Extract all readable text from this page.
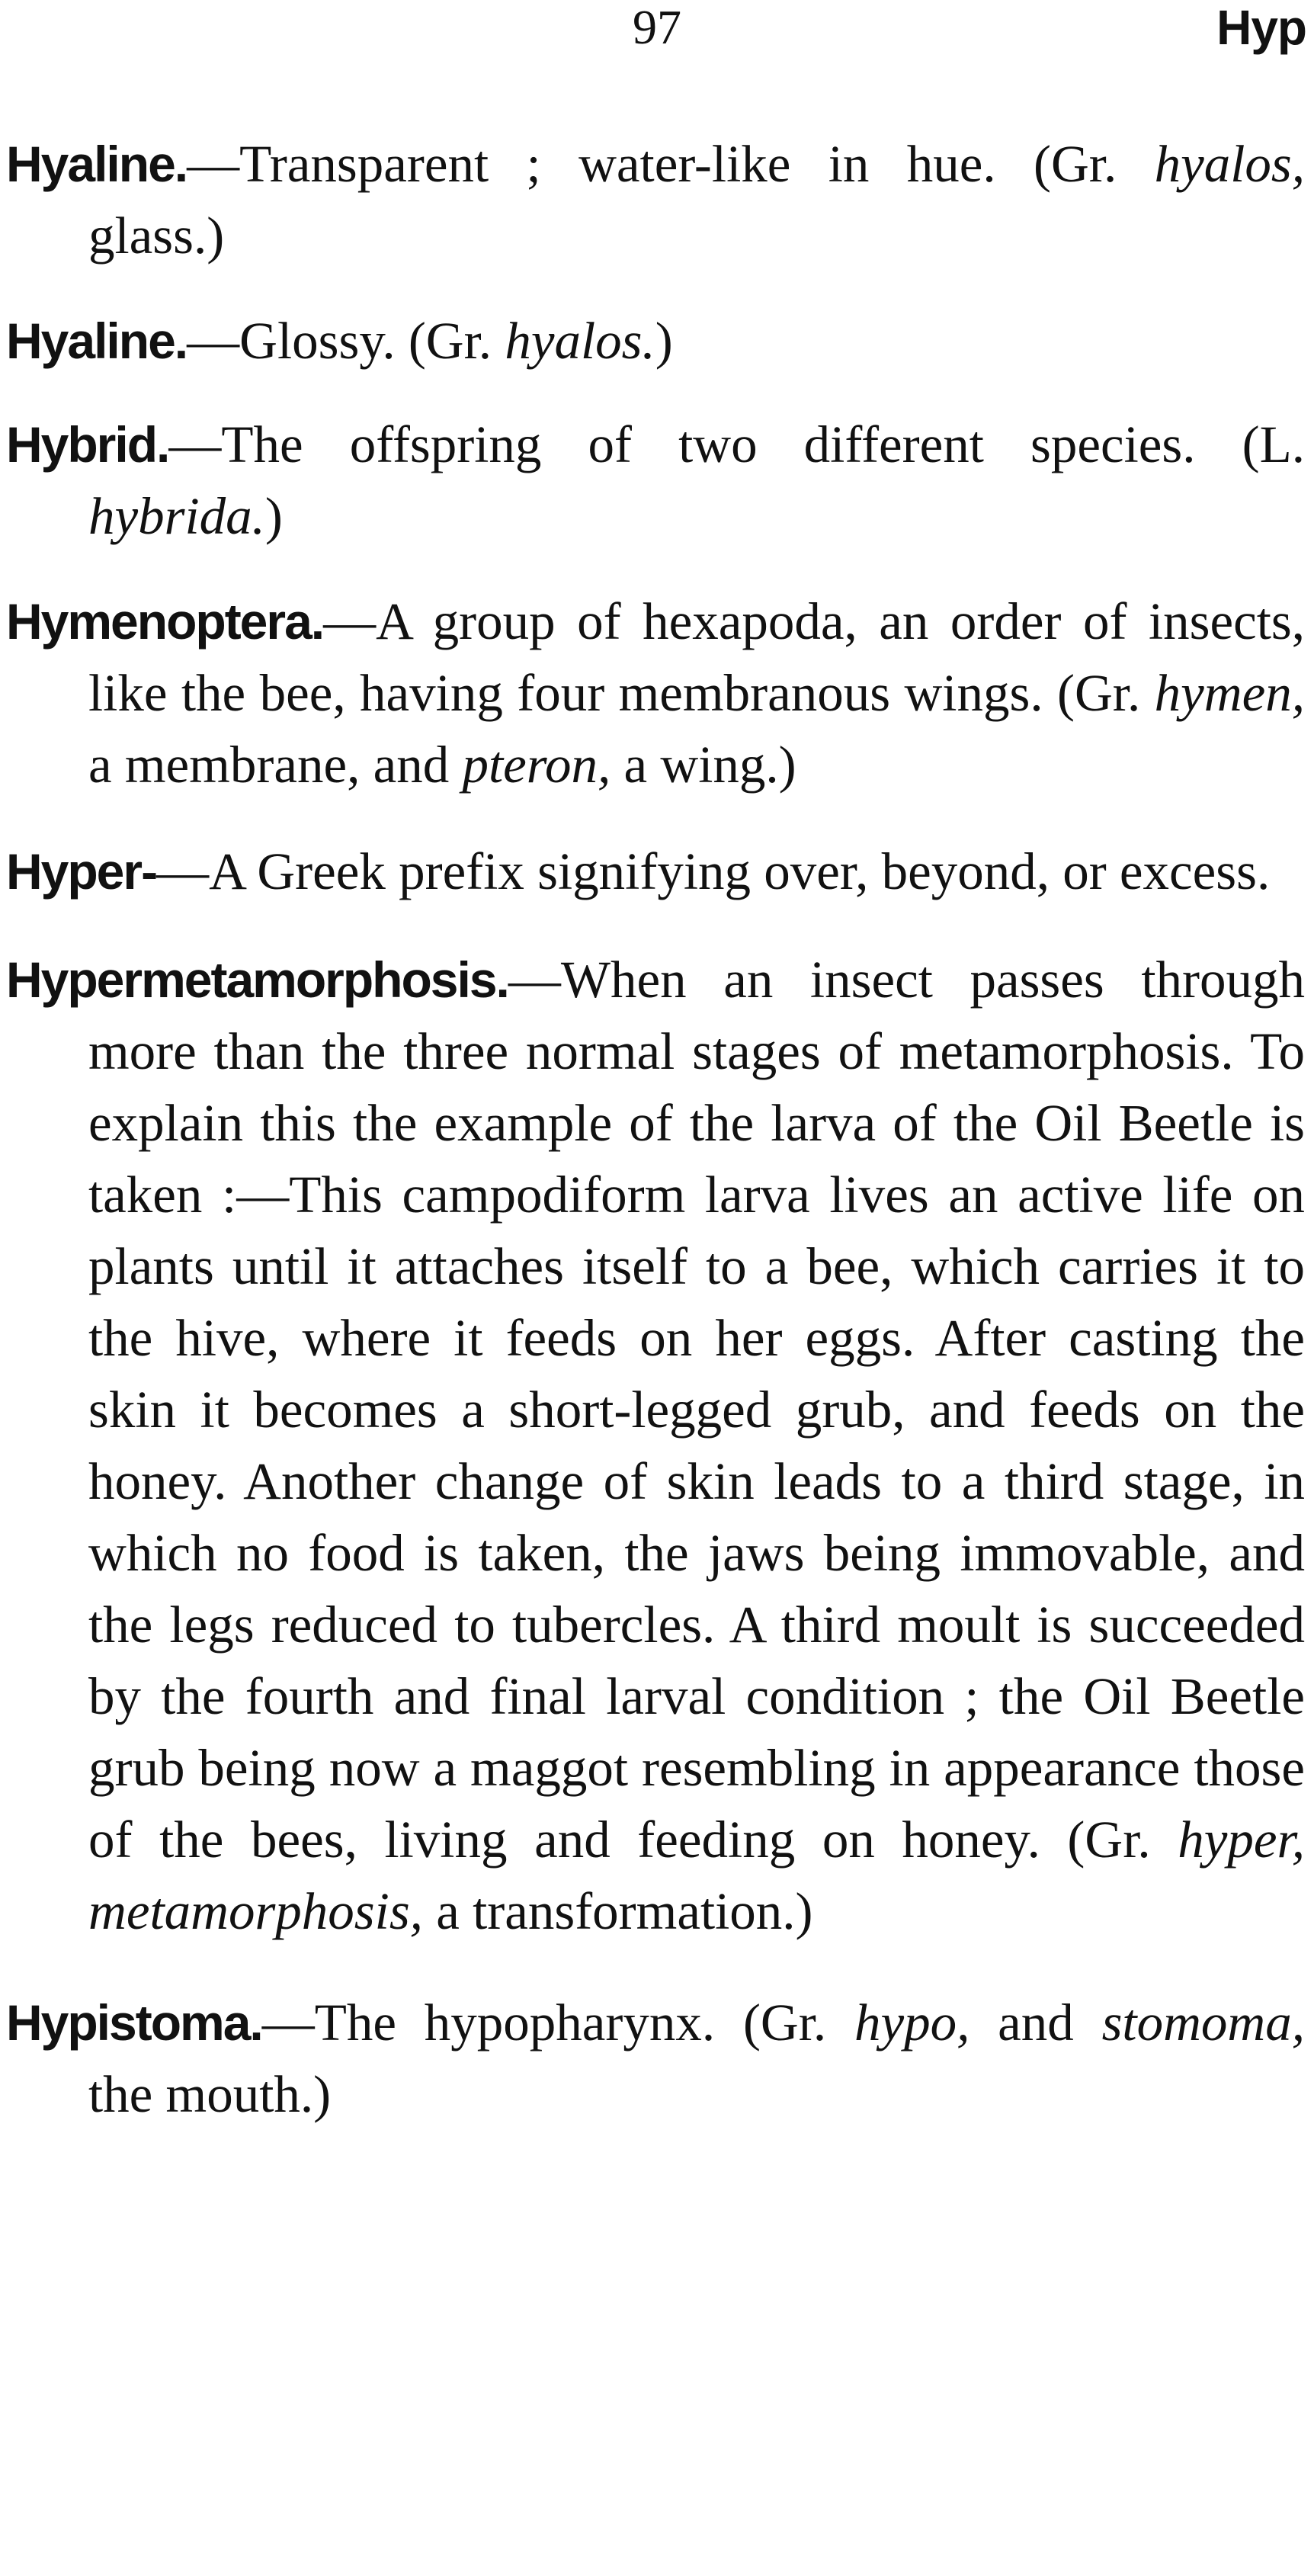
97	Hyp

Hyaline.—Transparent ; water-like in hue. (Gr. hyalos, glass.)

Hyaline.—Glossy. (Gr. hyalos.)

Hybrid.—The offspring of two different species. (L. hybrida.)

Hymenoptera.—A group of hexapoda, an order of insects, like the bee, having four membranous wings. (Gr. hymen, a membrane, and pteron, a wing.)

Hyper-—A Greek prefix signifying over, beyond, or excess.

Hypermetamorphosis.—When an insect passes through more than the three normal stages of metamorphosis. To explain this the example of the larva of the Oil Beetle is taken :—This campodiform larva lives an active life on plants until it attaches itself to a bee, which carries it to the hive, where it feeds on her eggs. After casting the skin it becomes a short-legged grub, and feeds on the honey. Another change of skin leads to a third stage, in which no food is taken, the jaws being immovable, and the legs reduced to tubercles. A third moult is succeeded by the fourth and final larval condition ; the Oil Beetle grub being now a maggot resembling in appearance those of the bees, living and feeding on honey. (Gr. hyper, metamorphosis, a transformation.)

Hypistoma.—The hypopharynx. (Gr. hypo, and stomoma, the mouth.)
